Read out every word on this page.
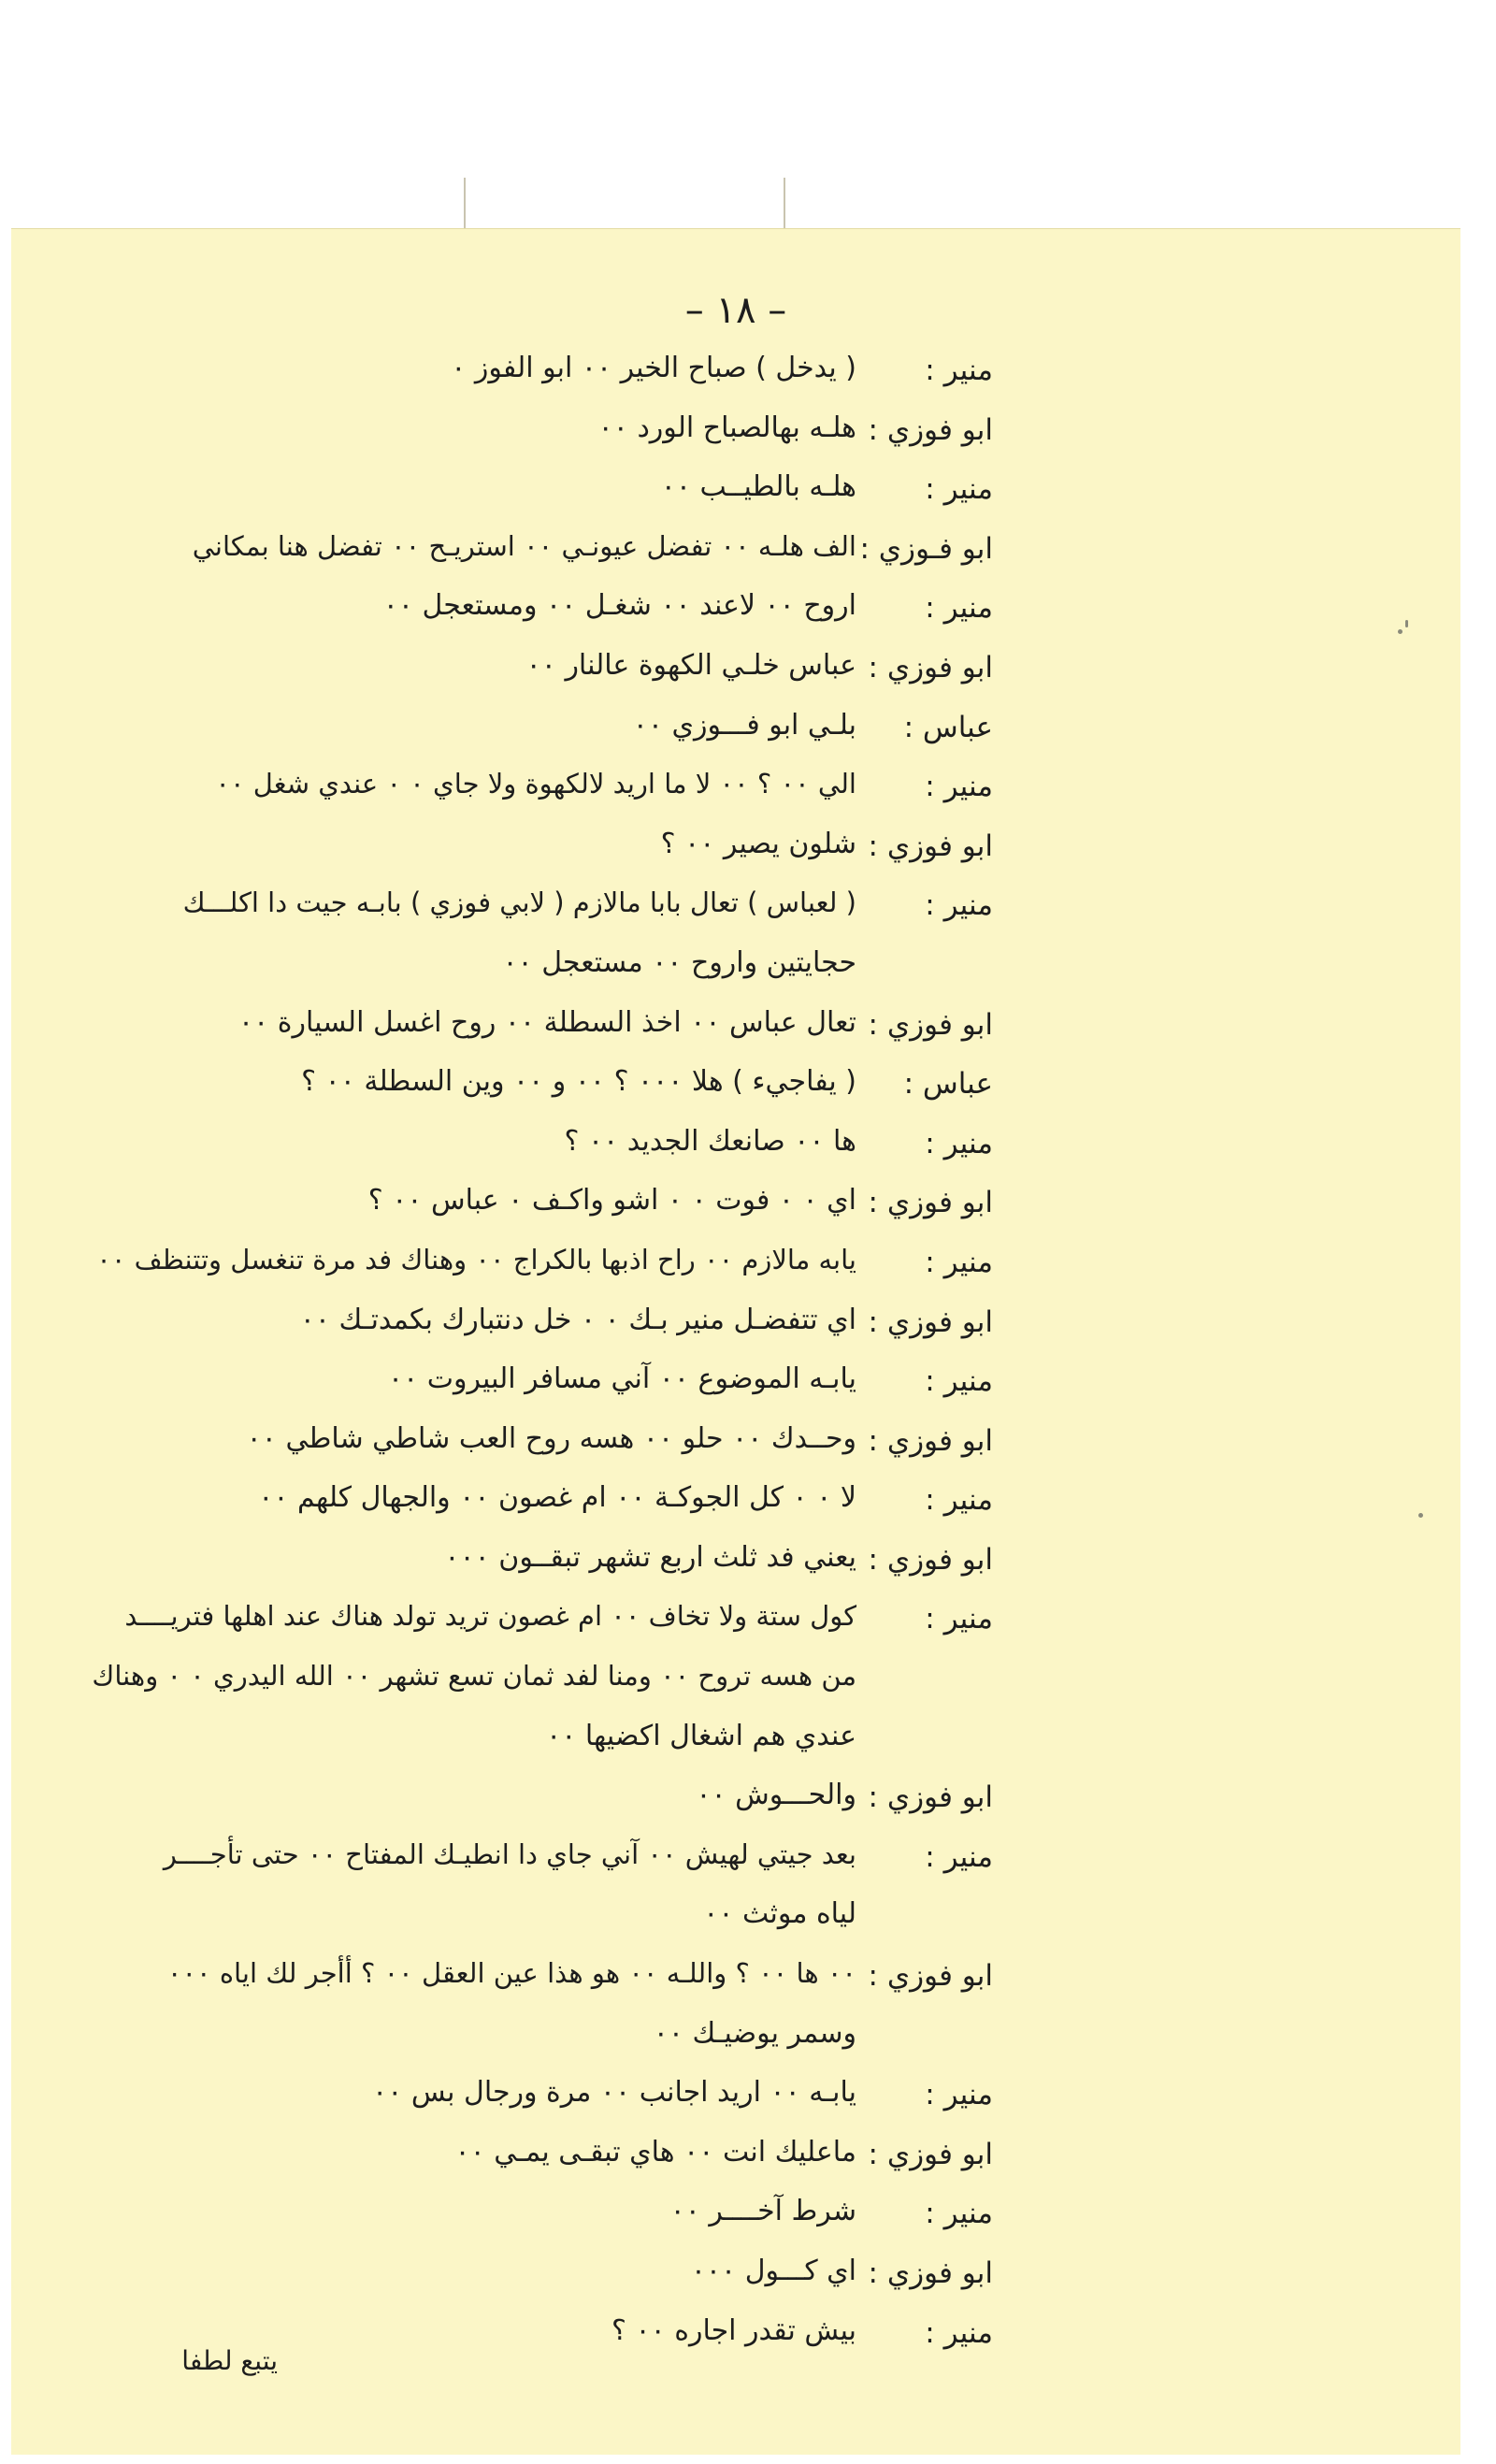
– ١٨ –
منير :
( يدخل ) صباح الخير ٠٠ ابو الفوز ٠
ابو فوزي :
هلـه بهالصباح الورد ٠٠
منير :
هلـه بالطيــب ٠٠
ابو فـوزي :
الف هلـه ٠٠ تفضل عيونـي ٠٠ استريـح ٠٠ تفضل هنا بمكاني
منير :
اروح ٠٠ لاعند ٠٠ شغـل ٠٠ ومستعجل ٠٠
ابو فوزي :
عباس خلـي الكهوة عالنار ٠٠
عباس :
بلـي ابو فـــوزي ٠٠
منير :
الي ٠٠ ؟ ٠٠ لا ما اريد لالكهوة ولا جاي ٠ ٠ عندي شغل ٠٠
ابو فوزي :
شلون يصير ٠٠ ؟
منير :
( لعباس ) تعال بابا مالازم ( لابي فوزي ) بابـه جيت دا اكلـــك
حجايتين واروح ٠٠ مستعجل ٠٠
ابو فوزي :
تعال عباس ٠٠ اخذ السطلة ٠٠ روح اغسل السيارة ٠٠
عباس :
( يفاجيء ) هلا ٠٠٠ ؟ ٠٠ و ٠٠ وين السطلة ٠٠ ؟
منير :
ها ٠٠ صانعك الجديد ٠٠ ؟
ابو فوزي :
اي ٠ ٠ فوت ٠ ٠ اشو واكـف ٠ عباس ٠٠ ؟
منير :
يابه مالازم ٠٠ راح اذبها بالكراج ٠٠ وهناك فد مرة تنغسل وتتنظف ٠٠
ابو فوزي :
اي تتفضـل منير بـك ٠ ٠ خل دنتبارك بكمدتـك ٠٠
منير :
يابـه الموضوع ٠٠ آني مسافر البيروت ٠٠
ابو فوزي :
وحــدك ٠٠ حلو ٠٠ هسه روح العب شاطي شاطي ٠٠
منير :
لا ٠ ٠ كل الجوكـة ٠٠ ام غصون ٠٠ والجهال كلهم ٠٠
ابو فوزي :
يعني فد ثلث اربع تشهر تبقــون ٠٠٠
منير :
كول ستة ولا تخاف ٠٠ ام غصون تريد تولد هناك عند اهلها فتريــــد
من هسه تروح ٠٠ ومنا لفد ثمان تسع تشهر ٠٠ الله اليدري ٠ ٠ وهناك
عندي هم اشغال اكضيها ٠٠
ابو فوزي :
والحـــوش ٠٠
منير :
بعد جيتي لهيش ٠٠ آني جاي دا انطيـك المفتاح ٠٠ حتى تأجــــر
لياه موثث ٠٠
ابو فوزي :
٠٠ ها ٠٠ ؟ واللـه ٠٠ هو هذا عين العقل ٠٠ ؟ أأجر لك اياه ٠٠٠
وسمر يوضيـك ٠٠
منير :
يابـه ٠٠ اريد اجانب ٠٠ مرة ورجال بس ٠٠
ابو فوزي :
ماعليك انت ٠٠ هاي تبقـى يمـي ٠٠
منير :
شرط آخــــر ٠٠
ابو فوزي :
اي كـــول ٠٠٠
منير :
بيش تقدر اجاره ٠٠ ؟
يتبع لطفا
